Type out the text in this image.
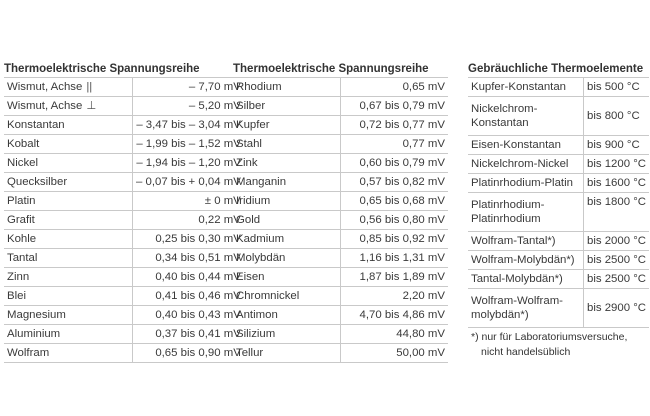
Thermoelektrische Spannungsreihe
Wismut, Achse ||	– 7,70 mV
Wismut, Achse ⊥	– 5,20 mV
Konstantan	– 3,47 bis – 3,04 mV
Kobalt	– 1,99 bis – 1,52 mV
Nickel	– 1,94 bis – 1,20 mV
Quecksilber	– 0,07 bis + 0,04 mV
Platin	± 0 mV
Grafit	0,22 mV
Kohle	0,25 bis 0,30 mV
Tantal	0,34 bis 0,51 mV
Zinn	0,40 bis 0,44 mV
Blei	0,41 bis 0,46 mV
Magnesium	0,40 bis 0,43 mV
Aluminium	0,37 bis 0,41 mV
Wolfram	0,65 bis 0,90 mV
Thermoelektrische Spannungsreihe
Rhodium	0,65 mV
Silber	0,67 bis 0,79 mV
Kupfer	0,72 bis 0,77 mV
Stahl	0,77 mV
Zink	0,60 bis 0,79 mV
Manganin	0,57 bis 0,82 mV
Iridium	0,65 bis 0,68 mV
Gold	0,56 bis 0,80 mV
Kadmium	0,85 bis 0,92 mV
Molybdän	1,16 bis 1,31 mV
Eisen	1,87 bis 1,89 mV
Chromnickel	2,20 mV
Antimon	4,70 bis 4,86 mV
Silizium	44,80 mV
Tellur	50,00 mV
Gebräuchliche Thermoelemente
Kupfer-Konstantan	bis 500 °C
Nickelchrom-
Konstantan	bis 800 °C
Eisen-Konstantan	bis 900 °C
Nickelchrom-Nickel	bis 1200 °C
Platinrhodium-Platin	bis 1600 °C
Platinrhodium-
Platinrhodium	bis 1800 °C
Wolfram-Tantal*)	bis 2000 °C
Wolfram-Molybdän*)	bis 2500 °C
Tantal-Molybdän*)	bis 2500 °C
Wolfram-Wolfram-
molybdän*)	bis 2900 °C
*) nur für Laboratoriumsversuche,
nicht handelsüblich
